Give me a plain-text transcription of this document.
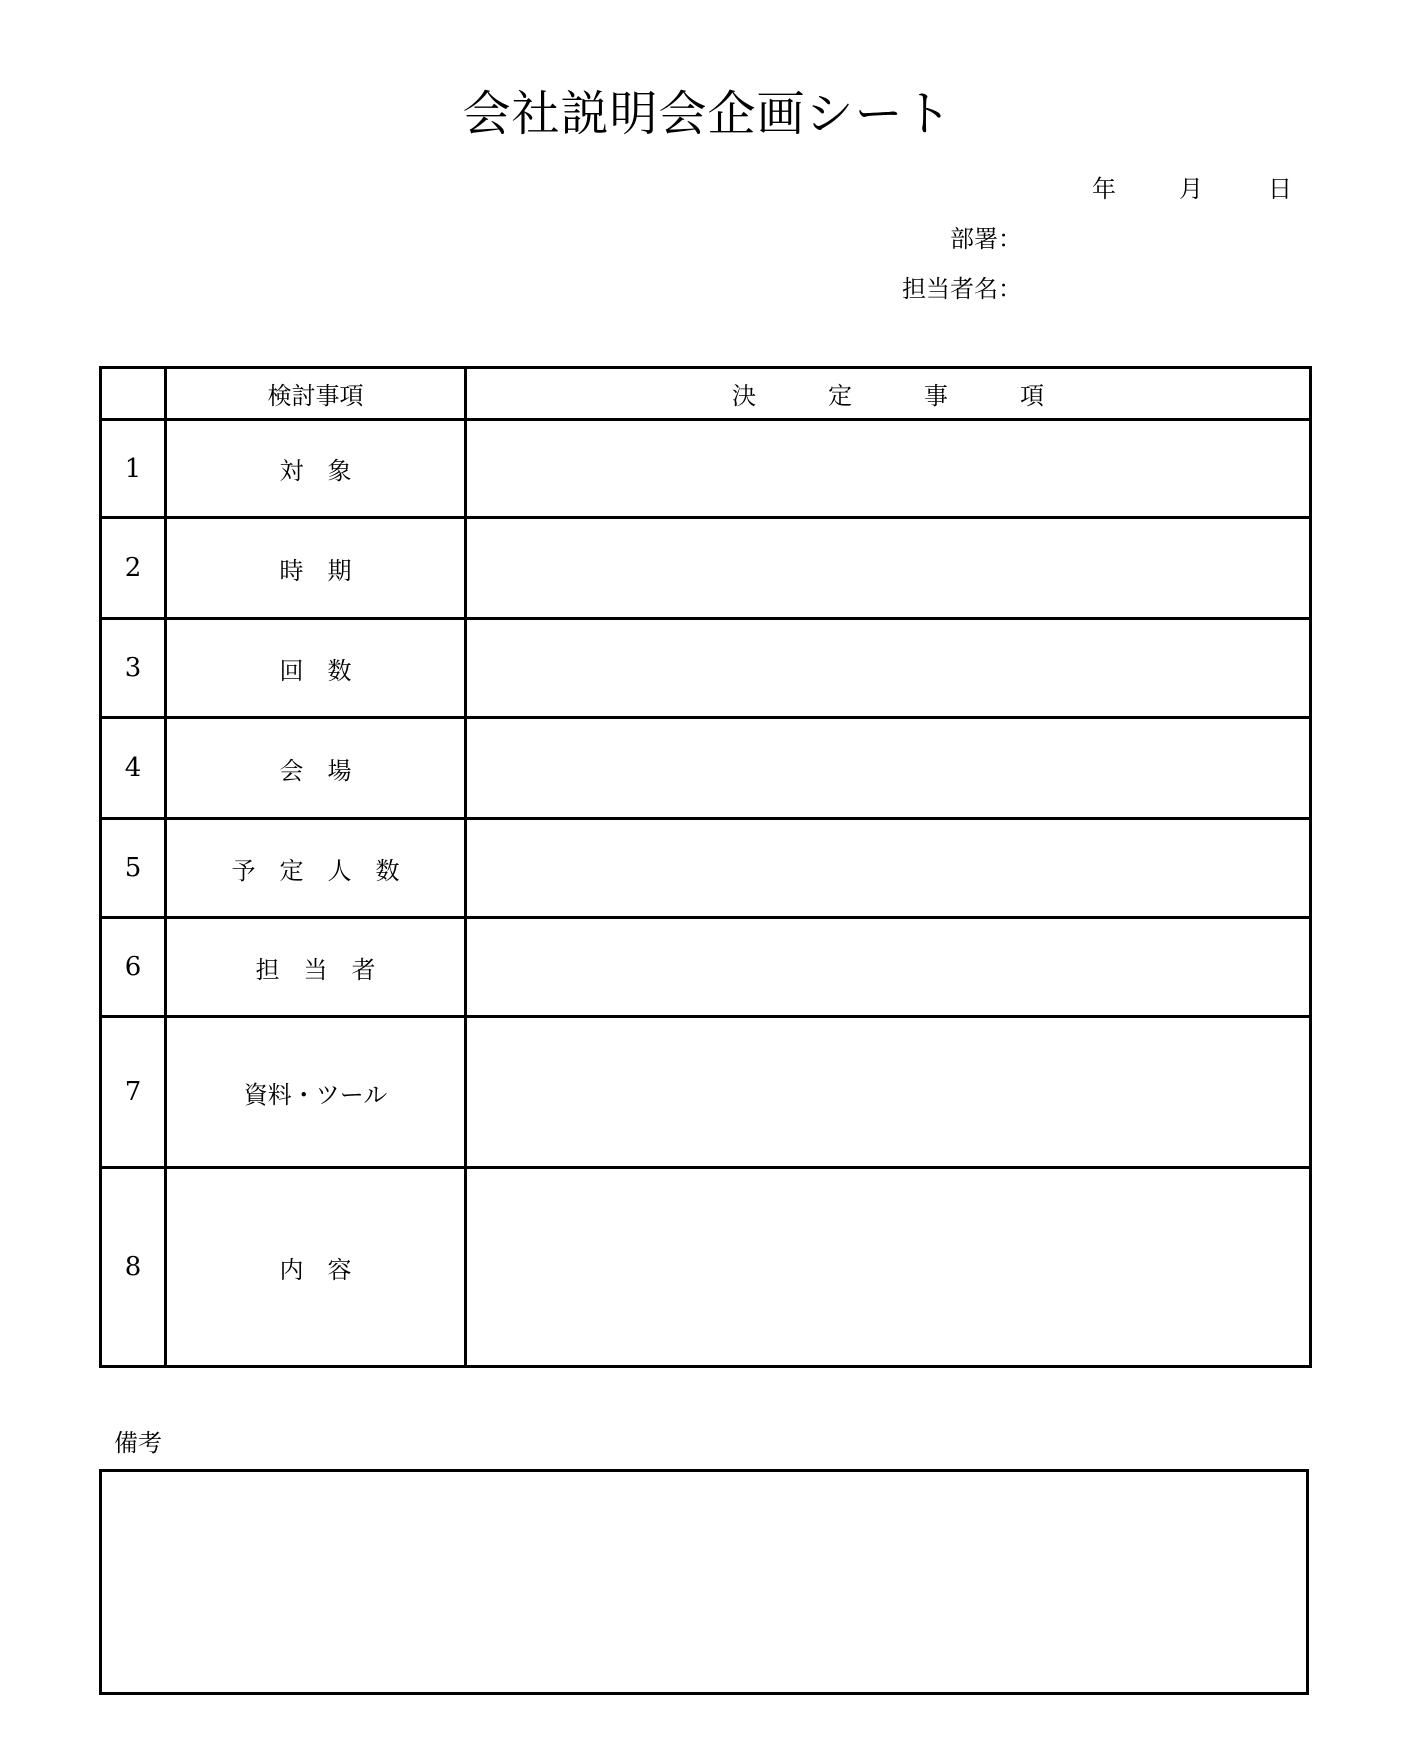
会社説明会企画シート
年	月	日
部署：
担当者名：
	検討事項	決　　　定　　　事　　　項
1	対　象	
2	時　期	
3	回　数	
4	会　場	
5	予　定　人　数	
6	担　当　者	
7	資料・ツール	
8	内　容	
備考
